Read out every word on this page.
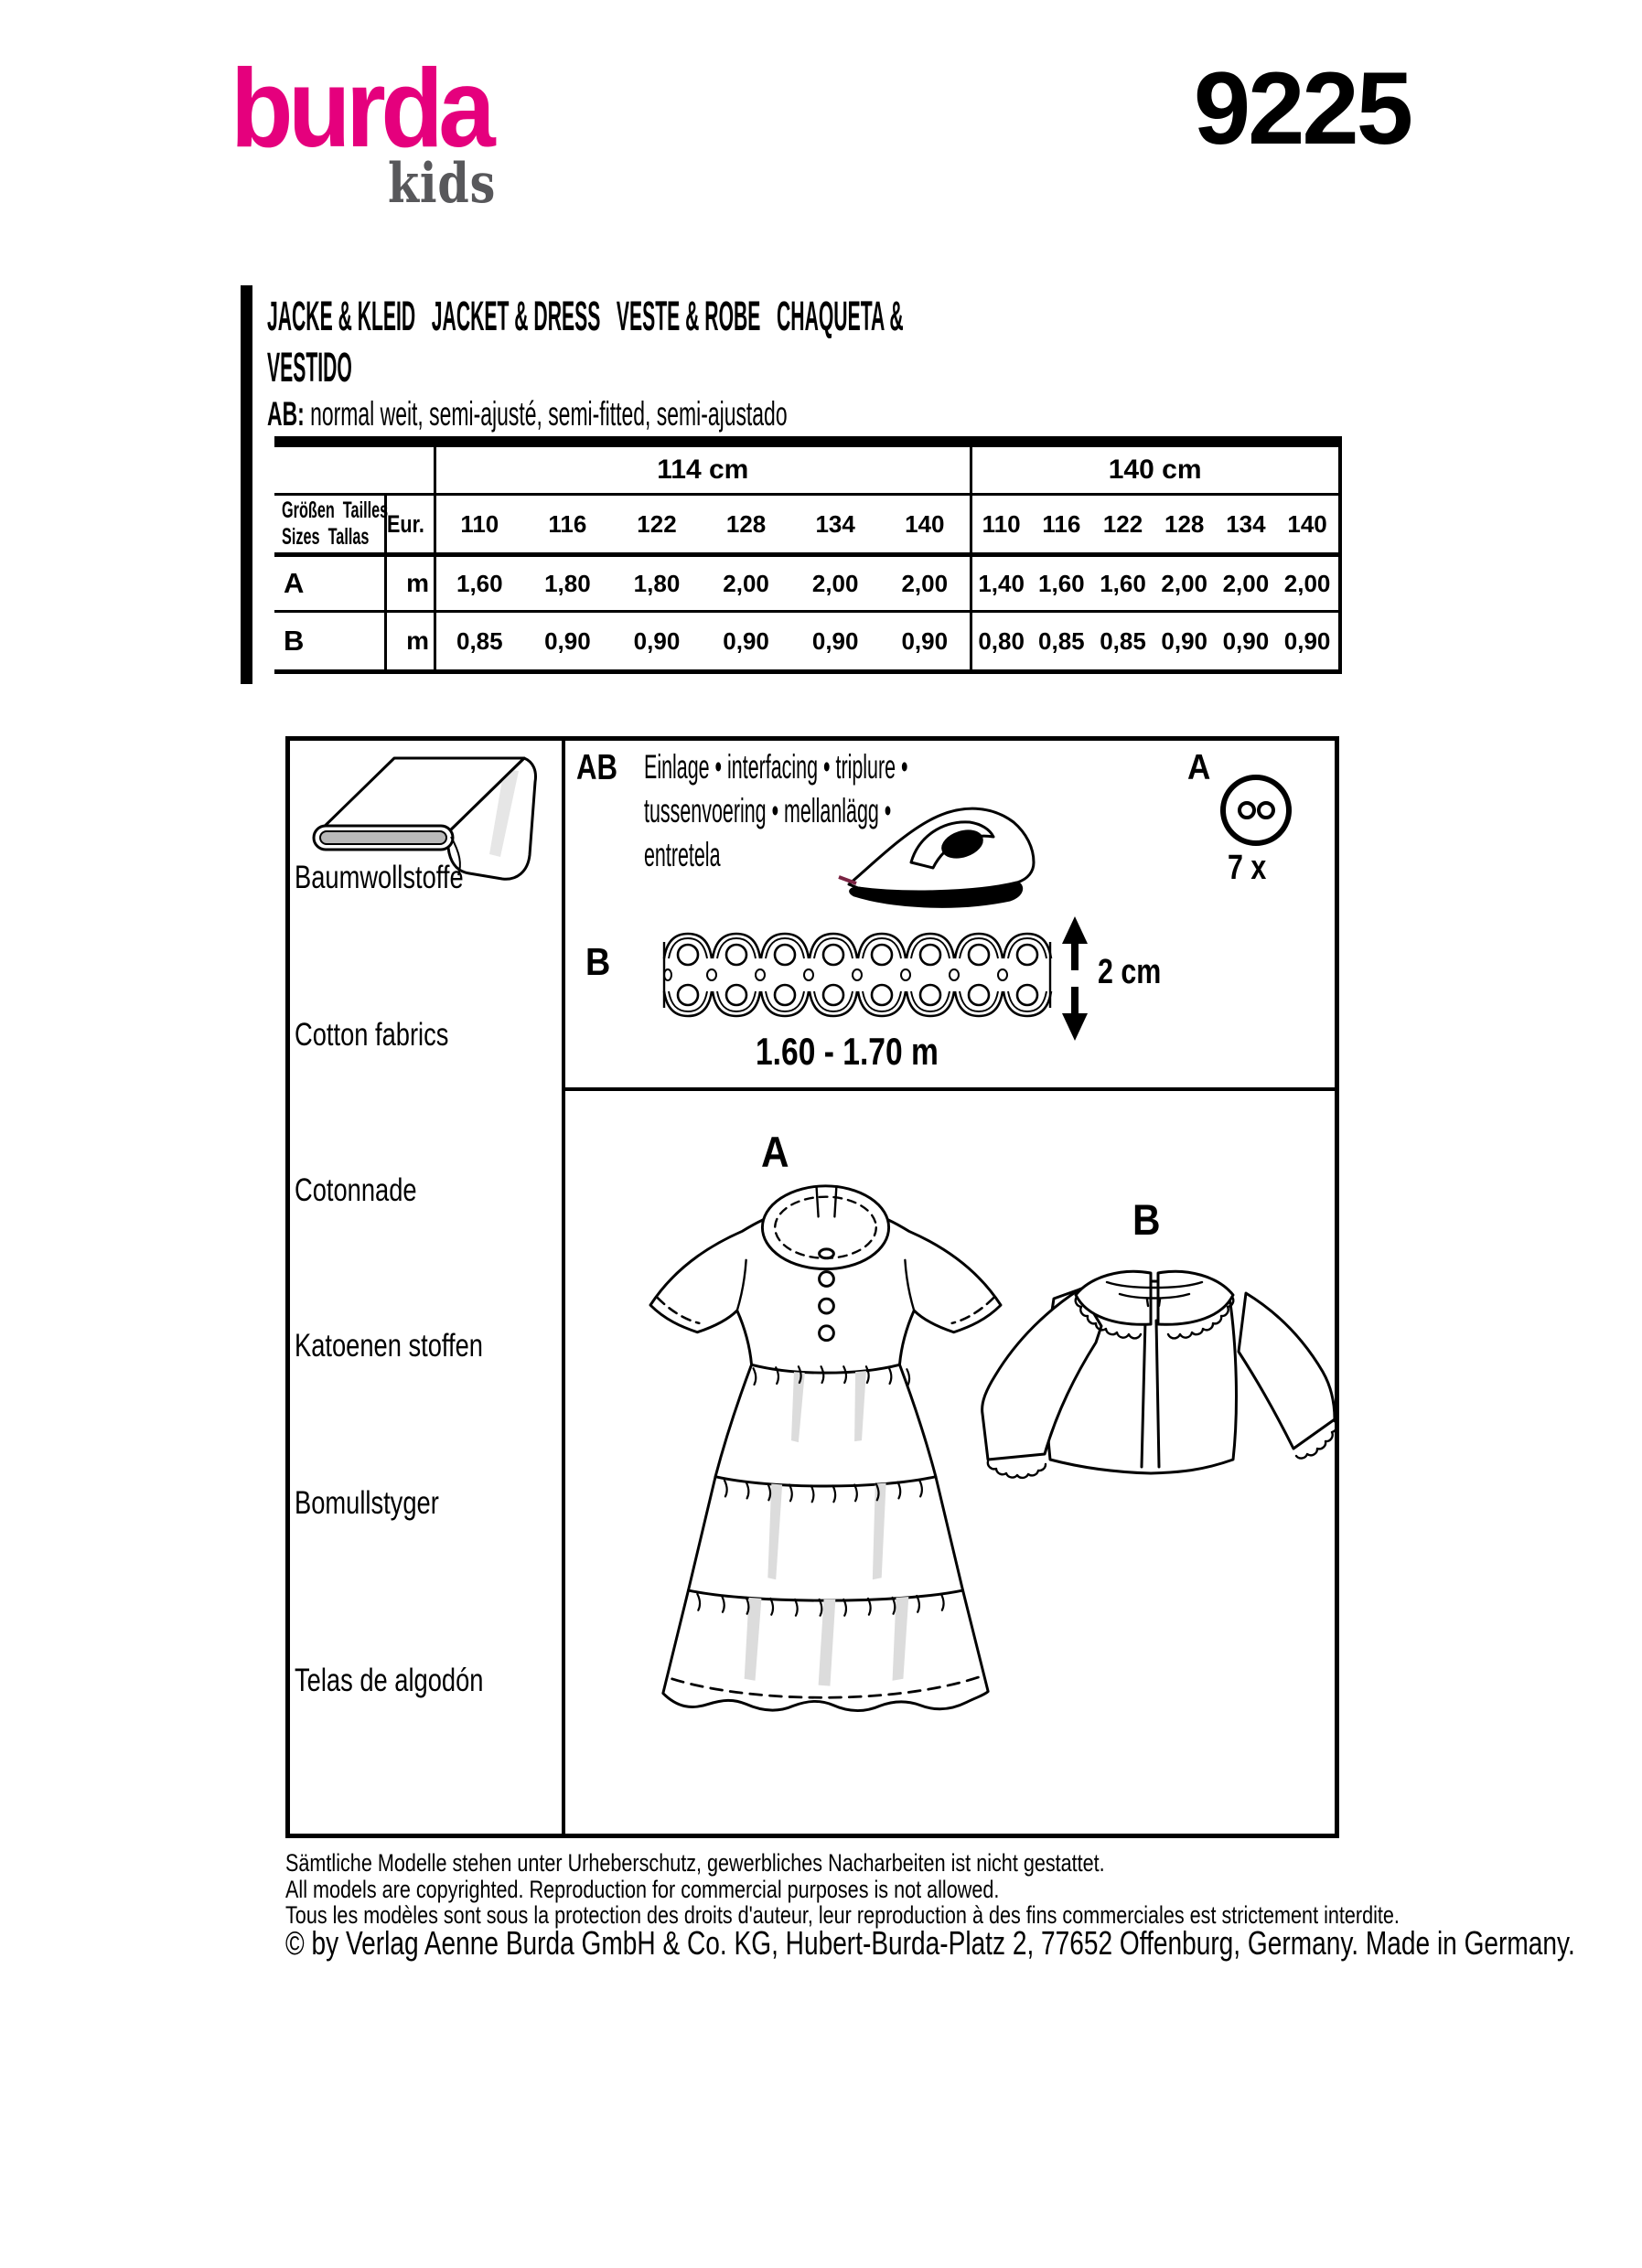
burda
kids
9225
JACKE & KLEID   JACKET & DRESS   VESTE & ROBE   CHAQUETA &
VESTIDO
AB: normal weit, semi-ajusté, semi-fitted, semi-ajustado
114 cm	140 cm
Größen  Tailles
Sizes  Tallas Eur.	110	116	122	128	134	140	110 116 122 128 134 140
A	m	1,60	1,80	1,80	2,00	2,00	2,00	1,40 1,60 1,60 2,00 2,00 2,00
B	m	0,85	0,90	0,90	0,90	0,90	0,90	0,80 0,85 0,85 0,90 0,90 0,90
Baumwollstoffe
Cotton fabrics
Cotonnade
Katoenen stoffen
Bomullstyger
Telas de algodón
AB Einlage • interfacing • triplure •
tussenvoering • mellanlägg •
entretela
A
7 x
B	2 cm
1.60 - 1.70 m
A
B
Sämtliche Modelle stehen unter Urheberschutz, gewerbliches Nacharbeiten ist nicht gestattet.
All models are copyrighted. Reproduction for commercial purposes is not allowed.
Tous les modèles sont sous la protection des droits d'auteur, leur reproduction à des fins commerciales est strictement interdite.
© by Verlag Aenne Burda GmbH & Co. KG, Hubert-Burda-Platz 2, 77652 Offenburg, Germany. Made in Germany.
